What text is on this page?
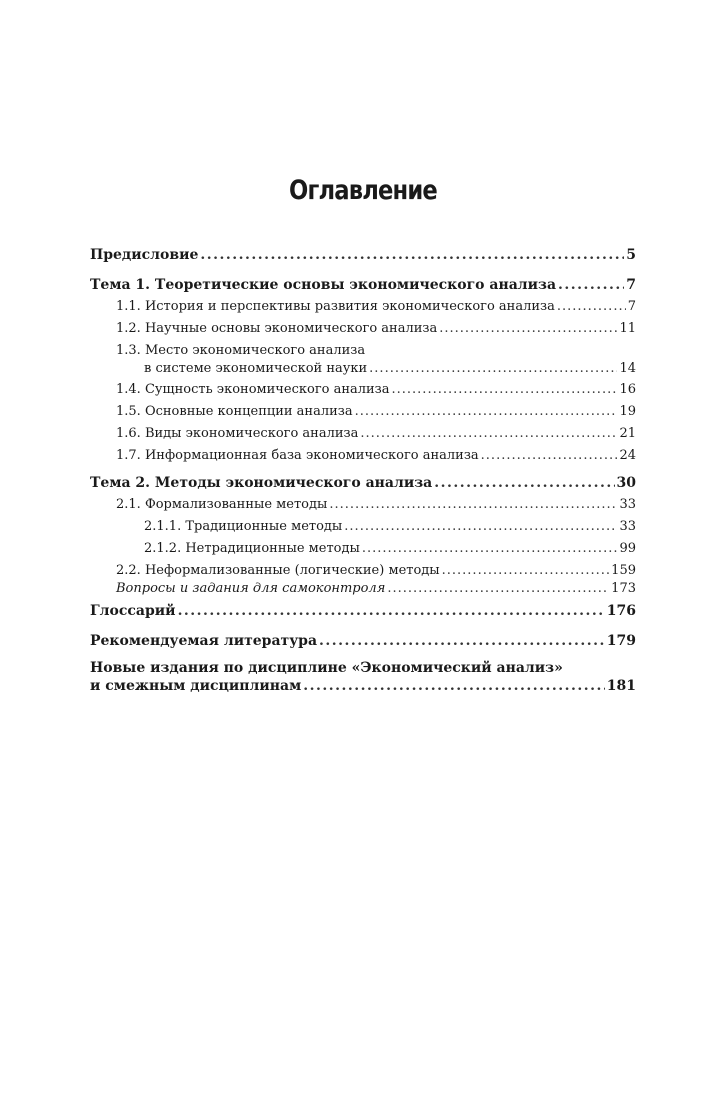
Оглавление
Предисловие .....	5
Тема 1. Теоретические основы экономического анализа .....	7
1.1. История и перспективы развития экономического анализа .....	7
1.2. Научные основы экономического анализа .....	11
1.3. Место экономического анализа
в системе экономической науки .....	14
1.4. Сущность экономического анализа .....	16
1.5. Основные концепции анализа .....	19
1.6. Виды экономического анализа .....	21
1.7. Информационная база экономического анализа .....	24
Тема 2. Методы экономического анализа .....	30
2.1. Формализованные методы .....	33
2.1.1. Традиционные методы .....	33
2.1.2. Нетрадиционные методы .....	99
2.2. Неформализованные (логические) методы .....	159
Вопросы и задания для самоконтроля .....	173
Глоссарий .....	176
Рекомендуемая литература .....	179
Новые издания по дисциплине «Экономический анализ»
и смежным дисциплинам .....	181
